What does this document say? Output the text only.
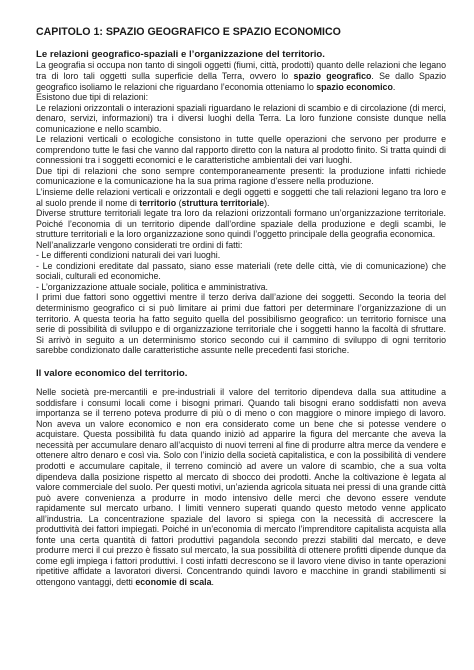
CAPITOLO 1: SPAZIO GEOGRAFICO E SPAZIO ECONOMICO
Le relazioni geografico-spaziali e l’organizzazione del territorio.
La geografia si occupa non tanto di singoli oggetti (fiumi, città, prodotti) quanto delle relazioni che legano tra di loro tali oggetti sulla superficie della Terra, ovvero lo spazio geografico. Se dallo Spazio geografico isoliamo le relazioni che riguardano l’economia otteniamo lo spazio economico.
Esistono due tipi di relazioni:
Le relazioni orizzontali o interazioni spaziali riguardano le relazioni di scambio e di circolazione (di merci, denaro, servizi, informazioni) tra i diversi luoghi della Terra. La loro funzione consiste dunque nella comunicazione e nello scambio.
Le relazioni verticali o ecologiche consistono in tutte quelle operazioni che servono per produrre e comprendono tutte le fasi che vanno dal rapporto diretto con la natura al prodotto finito. Si tratta quindi di connessioni tra i soggetti economici e le caratteristiche ambientali dei vari luoghi.
Due tipi di relazioni che sono sempre contemporaneamente presenti: la produzione infatti richiede comunicazione e la comunicazione ha la sua prima ragione d’essere nella produzione.
L’insieme delle relazioni verticali e orizzontali e degli oggetti e soggetti che tali relazioni legano tra loro e al suolo prende il nome di territorio (struttura territoriale).
Diverse strutture territoriali legate tra loro da relazioni orizzontali formano un’organizzazione territoriale. Poiché l’economia di un territorio dipende dall’ordine spaziale della produzione e degli scambi, le strutture territoriali e la loro organizzazione sono quindi l’oggetto principale della geografia economica.
Nell’analizzarle vengono considerati tre ordini di fatti:
- Le differenti condizioni naturali dei vari luoghi.
- Le condizioni ereditate dal passato, siano esse materiali (rete delle città, vie di comunicazione) che sociali, culturali ed economiche.
- L’organizzazione attuale sociale, politica e amministrativa.
I primi due fattori sono oggettivi mentre il terzo deriva dall’azione dei soggetti. Secondo la teoria del determinismo geografico ci si può limitare ai primi due fattori per determinare l’organizzazione di un territorio. A questa teoria ha fatto seguito quella del possibilismo geografico: un territorio fornisce una serie di possibilità di sviluppo e di organizzazione territoriale che i soggetti hanno la facoltà di sfruttare. Si arrivò in seguito a un determinismo storico secondo cui il cammino di sviluppo di ogni territorio sarebbe condizionato dalle caratteristiche assunte nelle precedenti fasi storiche.
Il valore economico del territorio.
Nelle società pre-mercantili e pre-industriali il valore del territorio dipendeva dalla sua attitudine a soddisfare i consumi locali come i bisogni primari. Quando tali bisogni erano soddisfatti non aveva importanza se il terreno poteva produrre di più o di meno o con maggiore o minore impiego di lavoro. Non aveva un valore economico e non era considerato come un bene che si potesse vendere o acquistare. Questa possibilità fu data quando iniziò ad apparire la figura del mercante che aveva la necessità per accumulare denaro all’acquisto di nuovi terreni al fine di produrre altra merce da vendere e ottenere altro denaro e così via. Solo con l’inizio della società capitalistica, e con la possibilità di vendere prodotti e accumulare capitale, il terreno cominciò ad avere un valore di scambio, che a sua volta dipendeva dalla posizione rispetto al mercato di sbocco dei prodotti. Anche la coltivazione è legata al valore commerciale del suolo. Per questi motivi, un’azienda agricola situata nei pressi di una grande città può avere convenienza a produrre in modo intensivo delle merci che devono essere vendute rapidamente sul mercato urbano. I limiti vennero superati quando questo metodo venne applicato all’industria. La concentrazione spaziale del lavoro si spiega con la necessità di accrescere la produttività dei fattori impiegati. Poiché in un’economia di mercato l’imprenditore capitalista acquista alla fonte una certa quantità di fattori produttivi pagandola secondo prezzi stabiliti dal mercato, e deve produrre merci il cui prezzo è fissato sul mercato, la sua possibilità di ottenere profitti dipende dunque da come egli impiega i fattori produttivi. I costi infatti decrescono se il lavoro viene diviso in tante operazioni ripetitive affidate a lavoratori diversi. Concentrando quindi lavoro e macchine in grandi stabilimenti si ottengono vantaggi, detti economie di scala.
